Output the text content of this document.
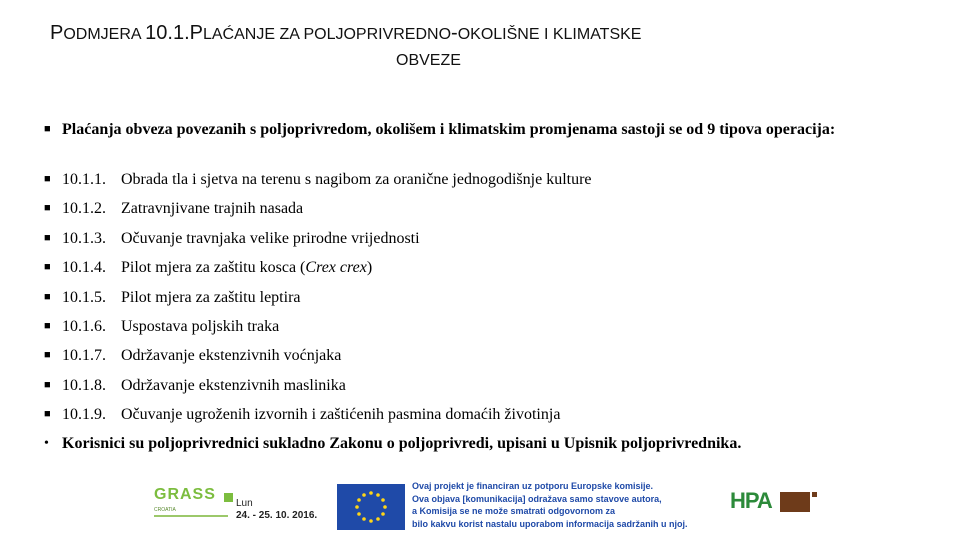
PODMJERA 10.1.PLAĆANJE ZA POLJOPRIVREDNO-OKOLIŠNE I KLIMATSKE
OBVEZE
■ Plaćanja obveza povezanih s poljoprivredom, okolišem i klimatskim promjenama sastoji se od 9 tipova operacija:
■ 10.1.1. Obrada tla i sjetva na terenu s nagibom za oranične jednogodišnje kulture
■ 10.1.2. Zatravnjivane trajnih nasada
■ 10.1.3. Očuvanje travnjaka velike prirodne vrijednosti
■ 10.1.4. Pilot mjera za zaštitu kosca (Crex crex)
■ 10.1.5. Pilot mjera za zaštitu leptira
■ 10.1.6. Uspostava poljskih traka
■ 10.1.7. Održavanje ekstenzivnih voćnjaka
■ 10.1.8. Održavanje ekstenzivnih maslinika
■ 10.1.9. Očuvanje ugroženih izvornih i zaštićenih pasmina domaćih životinja
• Korisnici su poljoprivrednici sukladno Zakonu o poljoprivredi, upisani u Upisnik poljoprivrednika.
GRASS
CROATIA
Lun
24. - 25. 10. 2016.
Ovaj projekt je financiran uz potporu Europske komisije.
Ova objava [komunikacija] odražava samo stavove autora,
a Komisija se ne može smatrati odgovornom za
bilo kakvu korist nastalu uporabom informacija sadržanih u njoj.
HPA
